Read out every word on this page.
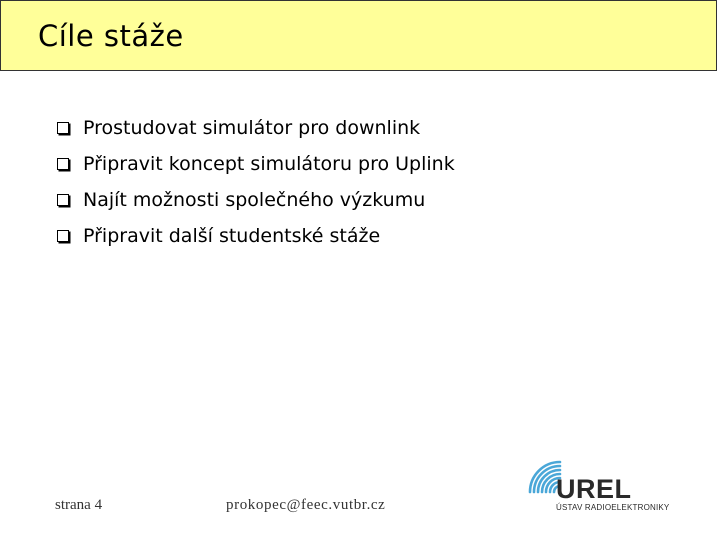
Cíle stáže
Prostudovat simulátor pro downlink
Připravit koncept simulátoru pro Uplink
Najít možnosti společného výzkumu
Připravit další studentské stáže
strana 4	prokopec@feec.vutbr.cz
UREL
ÚSTAV RADIOELEKTRONIKY
